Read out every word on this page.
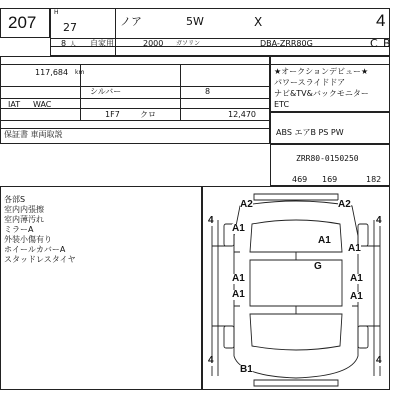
207
H
27	ノア	5W	X	4
8 人 自家用	2000 ガソリン	DBA-ZRR80G	C B
117,684 km
シルバー	8
IAT WAC
1F7	クロ	12,470
保証書 車両取説
★オークションデビュー★
パワースライドドア
ナビ&TV&バックモニター
ETC
ABS エアB PS PW
ZRR80-0150250
469 169	182
各部S
室内内張擦
室内薄汚れ
ミラーA
外装小傷有り
ホイールカバーA
スタッドレスタイヤ
A2	A2
4
A1
4
A1
A1
G
A1	A1
A1	A1
4	4
B1
